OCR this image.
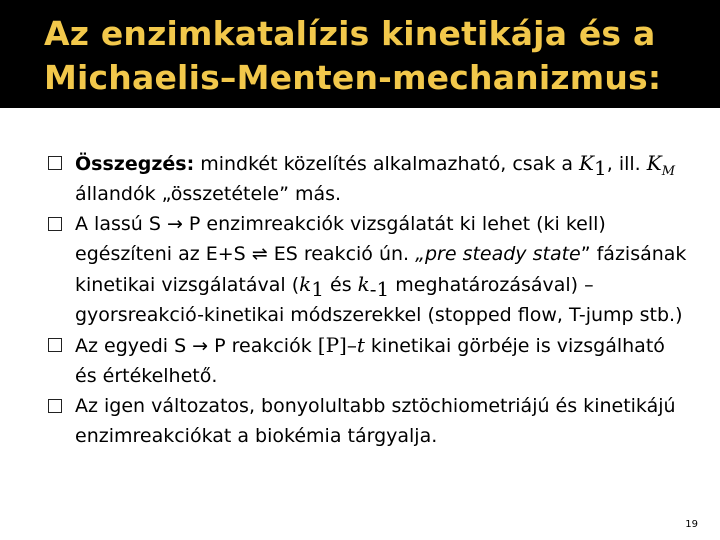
Az enzimkatalízis kinetikája és a
Michaelis–Menten-mechanizmus:
Összegzés: mindkét közelítés alkalmazható, csak a $K_1$, ill. $K_M$ állandók „összetétele” más.
A lassú S → P enzimreakciók vizsgálatát ki lehet (ki kell) egészíteni az E+S ⇌ ES reakció ún. „pre steady state” fázisának kinetikai vizsgálatával ($k_1$ és $k_{-1}$ meghatározásával) – gyorsreakció-kinetikai módszerekkel (stopped flow, T-jump stb.)
Az egyedi S → P reakciók [P]–t kinetikai görbéje is vizsgálható és értékelhető.
Az igen változatos, bonyolultabb sztöchiometriájú és kinetikájú enzimreakciókat a biokémia tárgyalja.
19
